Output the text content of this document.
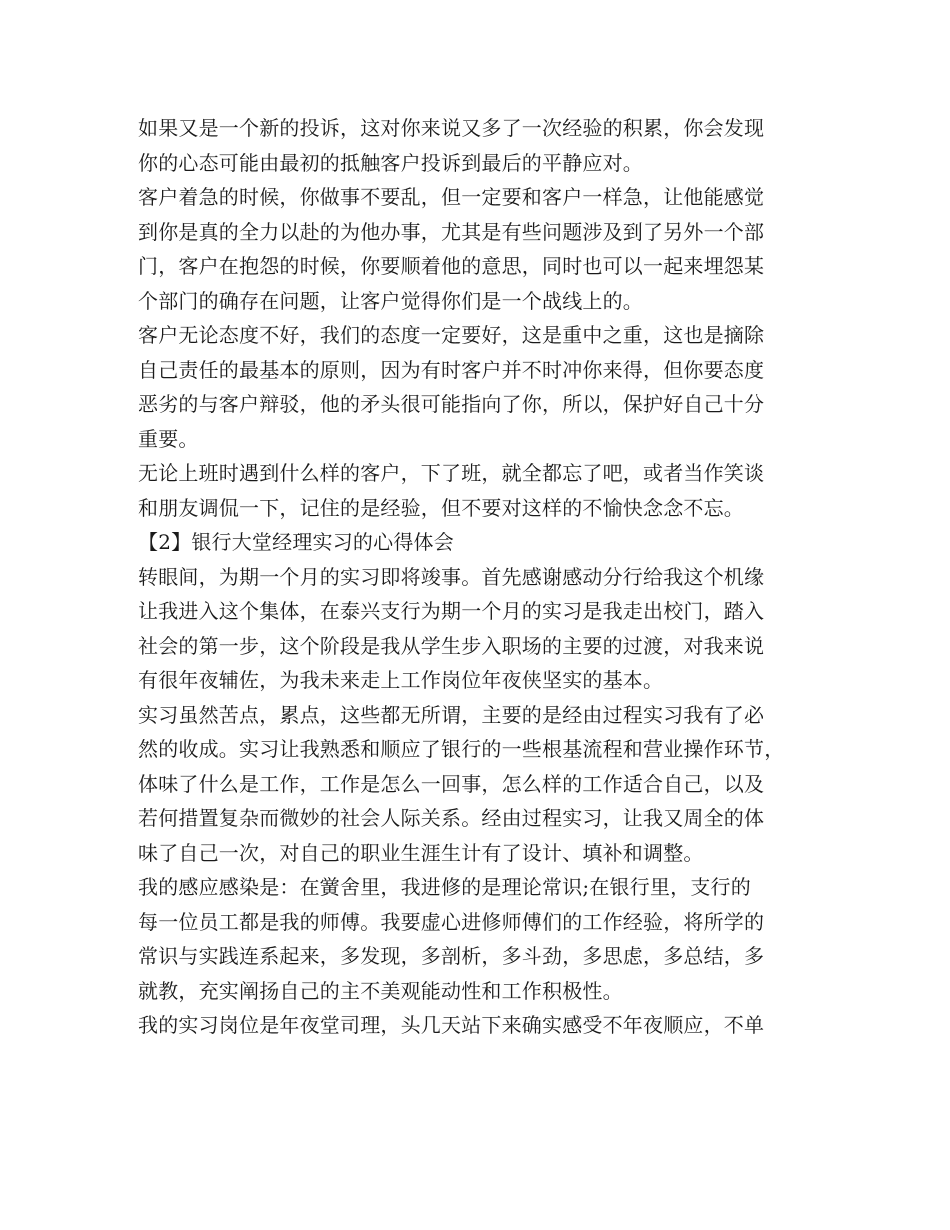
如果又是一个新的投诉，这对你来说又多了一次经验的积累，你会发现
你的心态可能由最初的抵触客户投诉到最后的平静应对。
客户着急的时候，你做事不要乱，但一定要和客户一样急，让他能感觉
到你是真的全力以赴的为他办事，尤其是有些问题涉及到了另外一个部
门，客户在抱怨的时候，你要顺着他的意思，同时也可以一起来埋怨某
个部门的确存在问题，让客户觉得你们是一个战线上的。
客户无论态度不好，我们的态度一定要好，这是重中之重，这也是摘除
自己责任的最基本的原则，因为有时客户并不时冲你来得，但你要态度
恶劣的与客户辩驳，他的矛头很可能指向了你，所以，保护好自己十分
重要。
无论上班时遇到什么样的客户，下了班，就全都忘了吧，或者当作笑谈
和朋友调侃一下，记住的是经验，但不要对这样的不愉快念念不忘。
【2】银行大堂经理实习的心得体会
转眼间，为期一个月的实习即将竣事。首先感谢感动分行给我这个机缘
让我进入这个集体，在泰兴支行为期一个月的实习是我走出校门，踏入
社会的第一步，这个阶段是我从学生步入职场的主要的过渡，对我来说
有很年夜辅佐，为我未来走上工作岗位年夜侠坚实的基本。
实习虽然苦点，累点，这些都无所谓，主要的是经由过程实习我有了必
然的收成。实习让我熟悉和顺应了银行的一些根基流程和营业操作环节，
体味了什么是工作，工作是怎么一回事，怎么样的工作适合自己，以及
若何措置复杂而微妙的社会人际关系。经由过程实习，让我又周全的体
味了自己一次，对自己的职业生涯生计有了设计、填补和调整。
我的感应感染是：在黉舍里，我进修的是理论常识;在银行里，支行的
每一位员工都是我的师傅。我要虚心进修师傅们的工作经验，将所学的
常识与实践连系起来，多发现，多剖析，多斗劲，多思虑，多总结，多
就教，充实阐扬自己的主不美观能动性和工作积极性。
我的实习岗位是年夜堂司理，头几天站下来确实感受不年夜顺应，不单
